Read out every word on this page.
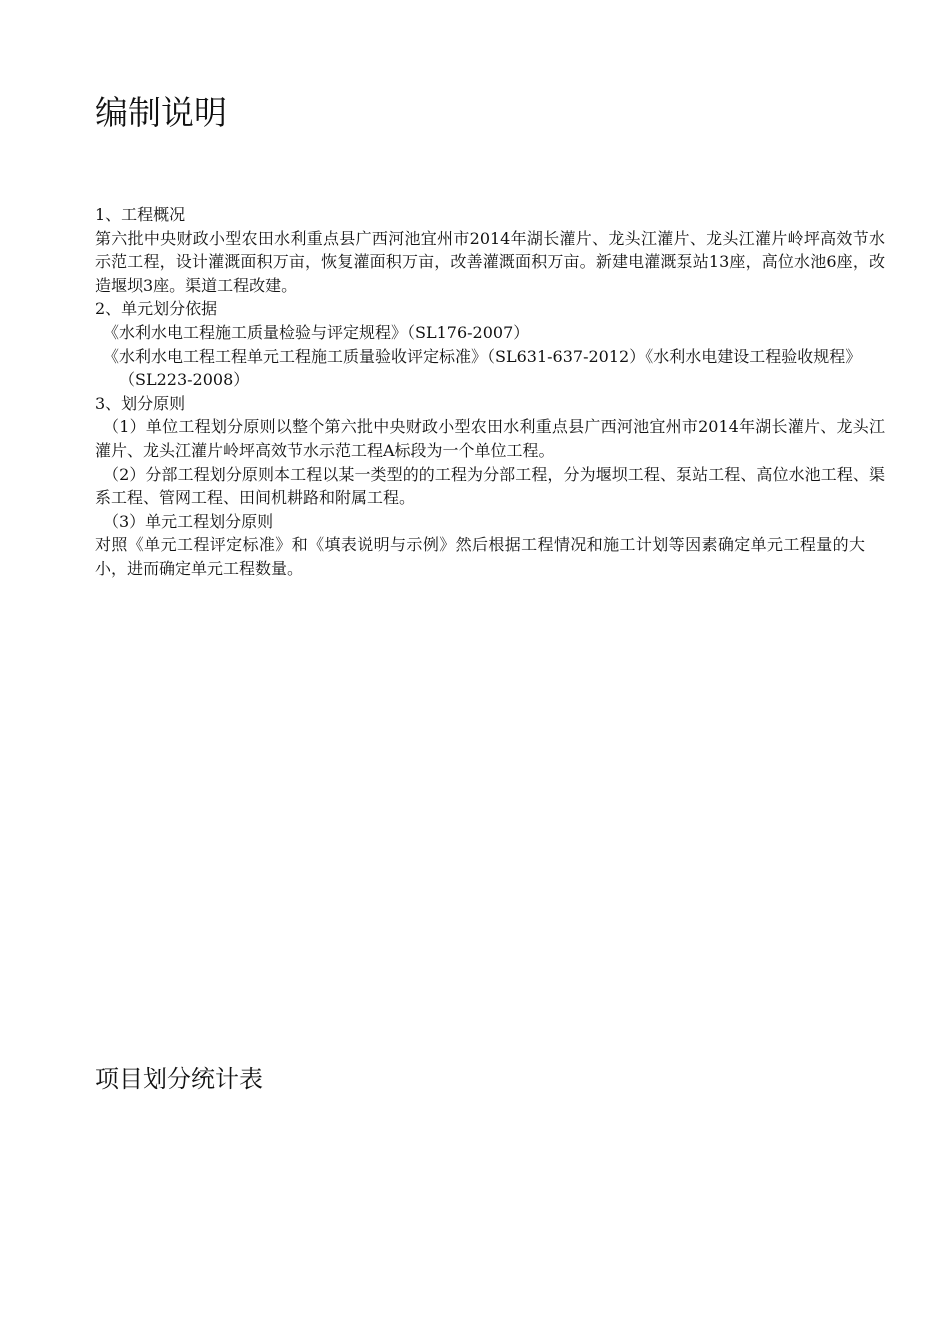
编制说明

1、工程概况

第六批中央财政小型农田水利重点县广西河池宜州市2014年湖长灌片、龙头江灌片、龙头江灌片岭坪高效节水示范工程，设计灌溉面积万亩，恢复灌面积万亩，改善灌溉面积万亩。新建电灌溉泵站13座，高位水池6座，改造堰坝3座。渠道工程改建。

2、单元划分依据

《水利水电工程施工质量检验与评定规程》（SL176-2007）

《水利水电工程工程单元工程施工质量验收评定标准》（SL631-637-2012）《水利水电建设工程验收规程》（SL223-2008）

3、划分原则

（1）单位工程划分原则以整个第六批中央财政小型农田水利重点县广西河池宜州市2014年湖长灌片、龙头江灌片、龙头江灌片岭坪高效节水示范工程A标段为一个单位工程。

（2）分部工程划分原则本工程以某一类型的的工程为分部工程，分为堰坝工程、泵站工程、高位水池工程、渠系工程、管网工程、田间机耕路和附属工程。

（3）单元工程划分原则

对照《单元工程评定标准》和《填表说明与示例》然后根据工程情况和施工计划等因素确定单元工程量的大小，进而确定单元工程数量。

项目划分统计表
